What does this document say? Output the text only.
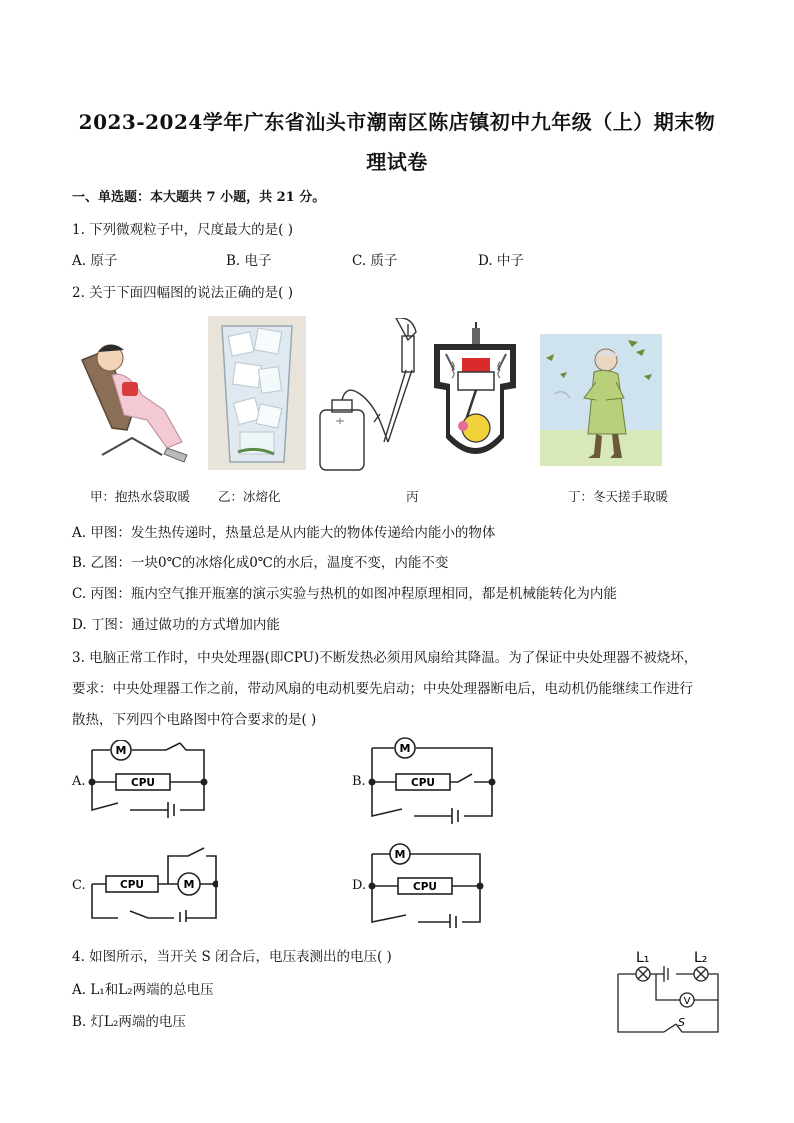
2023-2024学年广东省汕头市潮南区陈店镇初中九年级（上）期末物
理试卷
一、单选题：本大题共 7 小题，共 21 分。
1. 下列微观粒子中，尺度最大的是( )
A. 原子	B. 电子	C. 质子	D. 中子
2. 关于下面四幅图的说法正确的是( )
甲：抱热水袋取暖 乙：冰熔化	丙	丁：冬天搓手取暖
A. 甲图：发生热传递时，热量总是从内能大的物体传递给内能小的物体
B. 乙图：一块0℃的冰熔化成0℃的水后，温度不变，内能不变
C. 丙图：瓶内空气推开瓶塞的演示实验与热机的如图冲程原理相同，都是机械能转化为内能
D. 丁图：通过做功的方式增加内能
3. 电脑正常工作时，中央处理器(即CPU)不断发热必须用风扇给其降温。为了保证中央处理器不被烧坏，
要求：中央处理器工作之前，带动风扇的电动机要先启动；中央处理器断电后，电动机仍能继续工作进行
散热，下列四个电路图中符合要求的是( )
A.	B.
C.	D.
M
CPU
M
CPU
CPU	M
M
CPU
4. 如图所示，当开关 S 闭合后，电压表测出的电压( )
A. L₁和L₂两端的总电压
B. 灯L₂两端的电压
L₁	L₂
V
S
